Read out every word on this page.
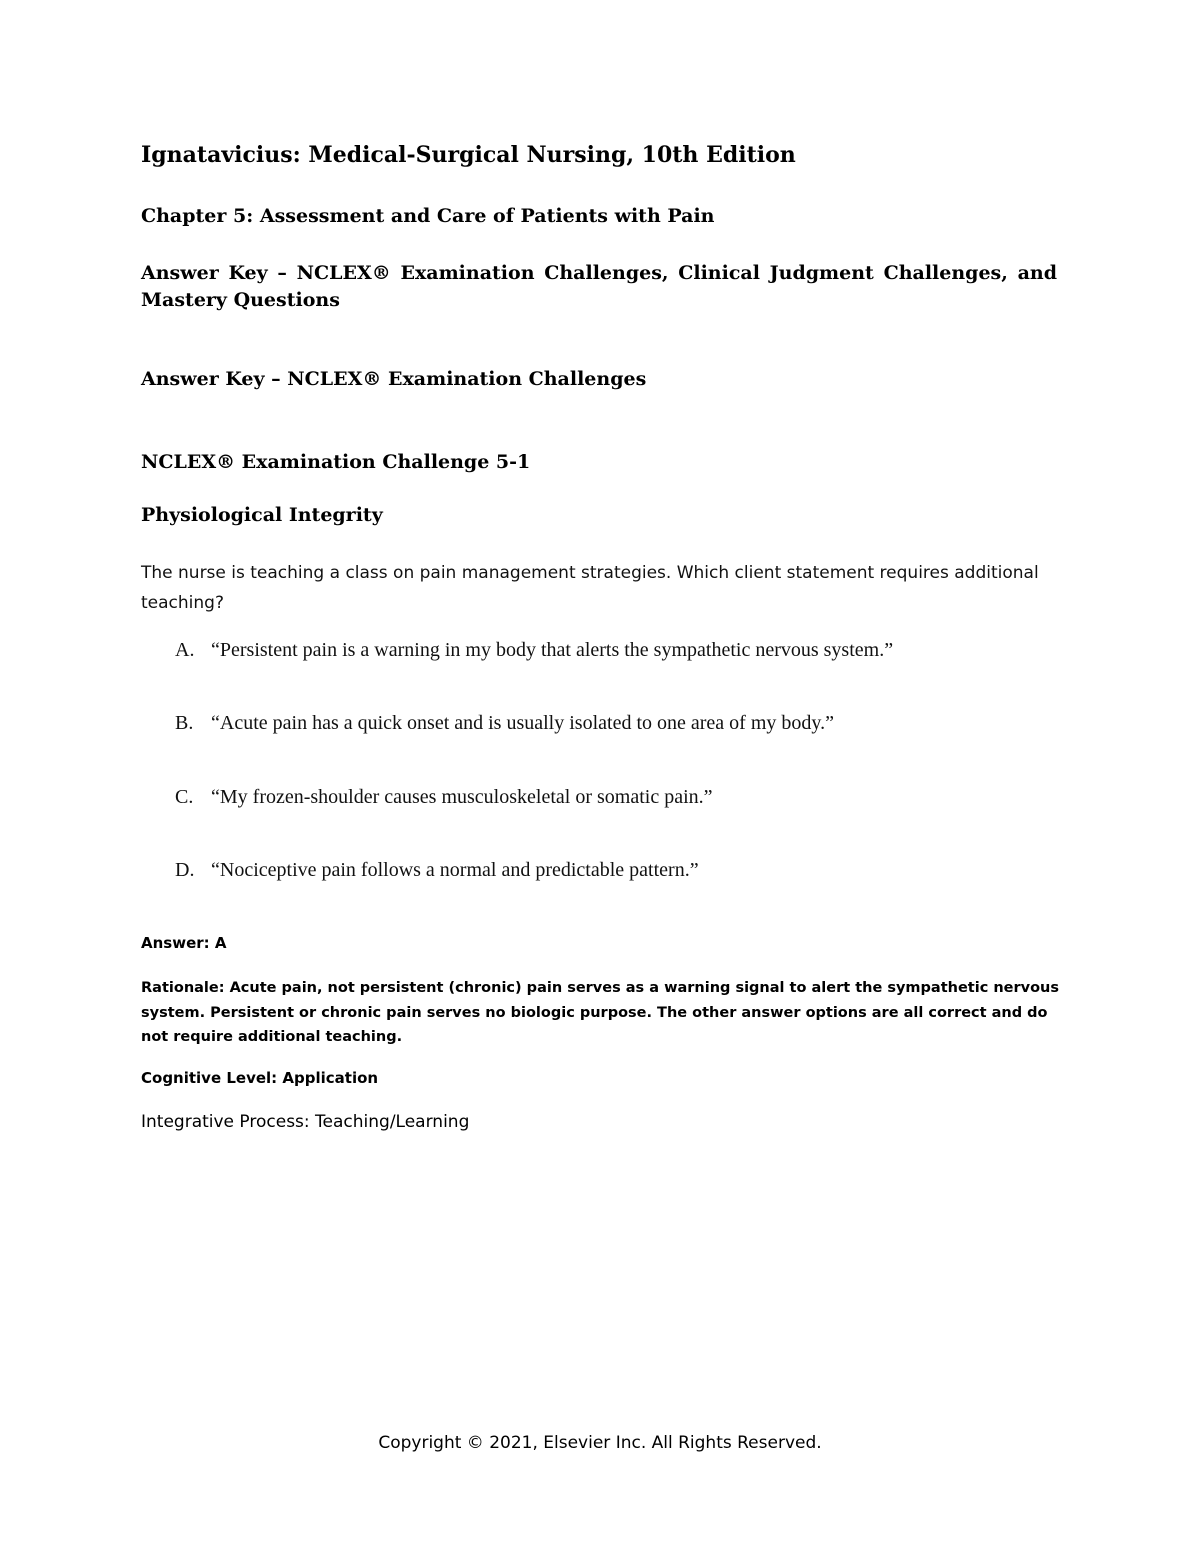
Ignatavicius: Medical-Surgical Nursing, 10th Edition

Chapter 5: Assessment and Care of Patients with Pain

Answer Key – NCLEX® Examination Challenges, Clinical Judgment Challenges, and Mastery Questions

Answer Key – NCLEX® Examination Challenges

NCLEX® Examination Challenge 5-1

Physiological Integrity

The nurse is teaching a class on pain management strategies. Which client statement requires additional teaching?

A. “Persistent pain is a warning in my body that alerts the sympathetic nervous system.”
B. “Acute pain has a quick onset and is usually isolated to one area of my body.”
C. “My frozen-shoulder causes musculoskeletal or somatic pain.”
D. “Nociceptive pain follows a normal and predictable pattern.”

Answer: A

Rationale: Acute pain, not persistent (chronic) pain serves as a warning signal to alert the sympathetic nervous system. Persistent or chronic pain serves no biologic purpose. The other answer options are all correct and do not require additional teaching.

Cognitive Level: Application

Integrative Process: Teaching/Learning

Copyright © 2021, Elsevier Inc. All Rights Reserved.
